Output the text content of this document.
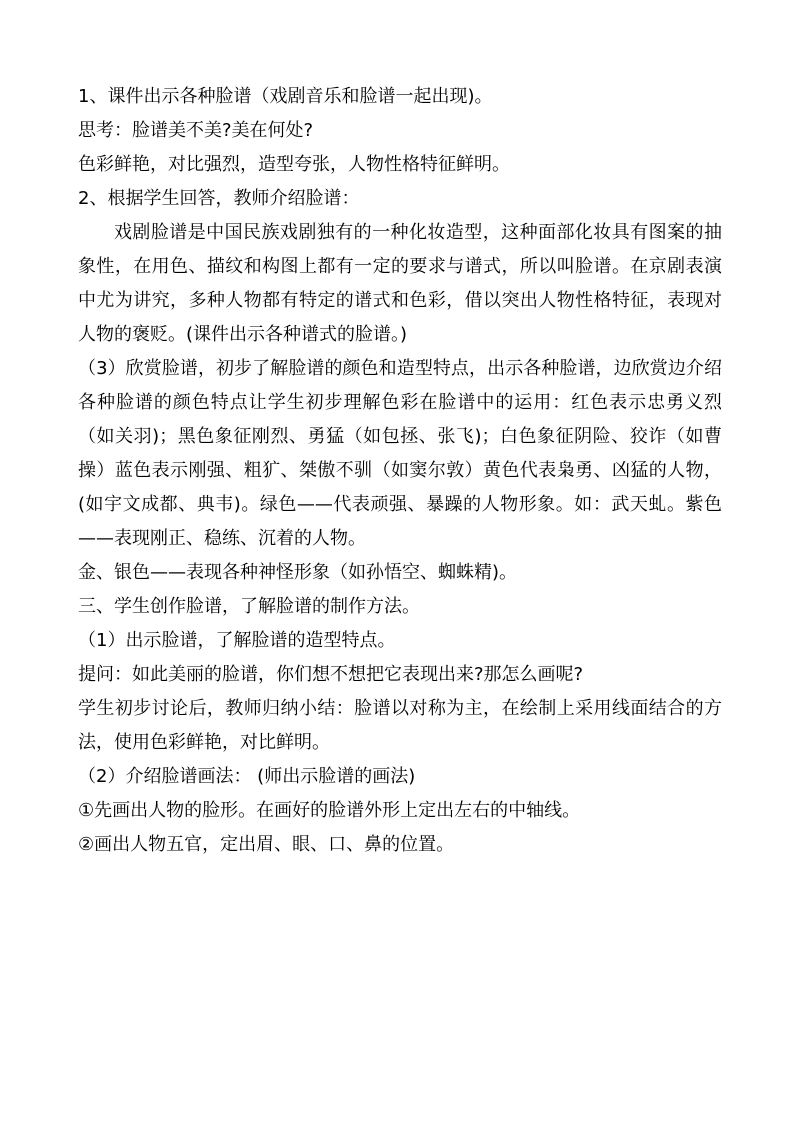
1、课件出示各种脸谱（戏剧音乐和脸谱一起出现)。

思考：脸谱美不美?美在何处?

色彩鲜艳，对比强烈，造型夸张，人物性格特征鲜明。

2、根据学生回答，教师介绍脸谱：

戏剧脸谱是中国民族戏剧独有的一种化妆造型，这种面部化妆具有图案的抽象性，在用色、描纹和构图上都有一定的要求与谱式，所以叫脸谱。在京剧表演中尤为讲究，多种人物都有特定的谱式和色彩，借以突出人物性格特征，表现对人物的褒贬。(课件出示各种谱式的脸谱。)

（3）欣赏脸谱，初步了解脸谱的颜色和造型特点，出示各种脸谱，边欣赏边介绍各种脸谱的颜色特点让学生初步理解色彩在脸谱中的运用：红色表示忠勇义烈（如关羽)；黑色象征刚烈、勇猛（如包拯、张飞)；白色象征阴险、狡诈（如曹操）蓝色表示刚强、粗犷、桀傲不驯（如窦尔敦）黄色代表枭勇、凶猛的人物，(如宇文成都、典韦)。绿色——代表顽强、暴躁的人物形象。如：武天虬。紫色——表现刚正、稳练、沉着的人物。

金、银色——表现各种神怪形象（如孙悟空、蜘蛛精)。

三、学生创作脸谱，了解脸谱的制作方法。

（1）出示脸谱，了解脸谱的造型特点。

提问：如此美丽的脸谱，你们想不想把它表现出来?那怎么画呢?

学生初步讨论后，教师归纳小结：脸谱以对称为主，在绘制上采用线面结合的方法，使用色彩鲜艳，对比鲜明。

（2）介绍脸谱画法： (师出示脸谱的画法)

①先画出人物的脸形。在画好的脸谱外形上定出左右的中轴线。

②画出人物五官，定出眉、眼、口、鼻的位置。
